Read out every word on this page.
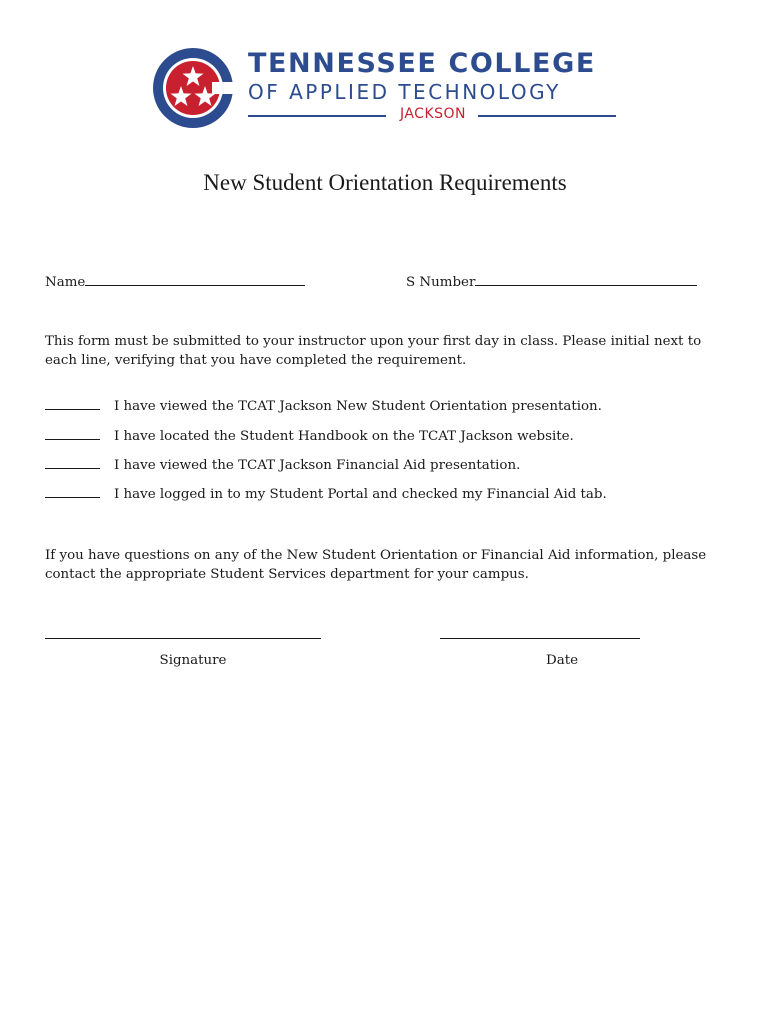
TENNESSEE COLLEGE
OF APPLIED TECHNOLOGY
JACKSON
New Student Orientation Requirements
Name	S Number
This form must be submitted to your instructor upon your first day in class. Please initial next to each line, verifying that you have completed the requirement.
I have viewed the TCAT Jackson New Student Orientation presentation.
I have located the Student Handbook on the TCAT Jackson website.
I have viewed the TCAT Jackson Financial Aid presentation.
I have logged in to my Student Portal and checked my Financial Aid tab.
If you have questions on any of the New Student Orientation or Financial Aid information, please contact the appropriate Student Services department for your campus.
Signature	Date
